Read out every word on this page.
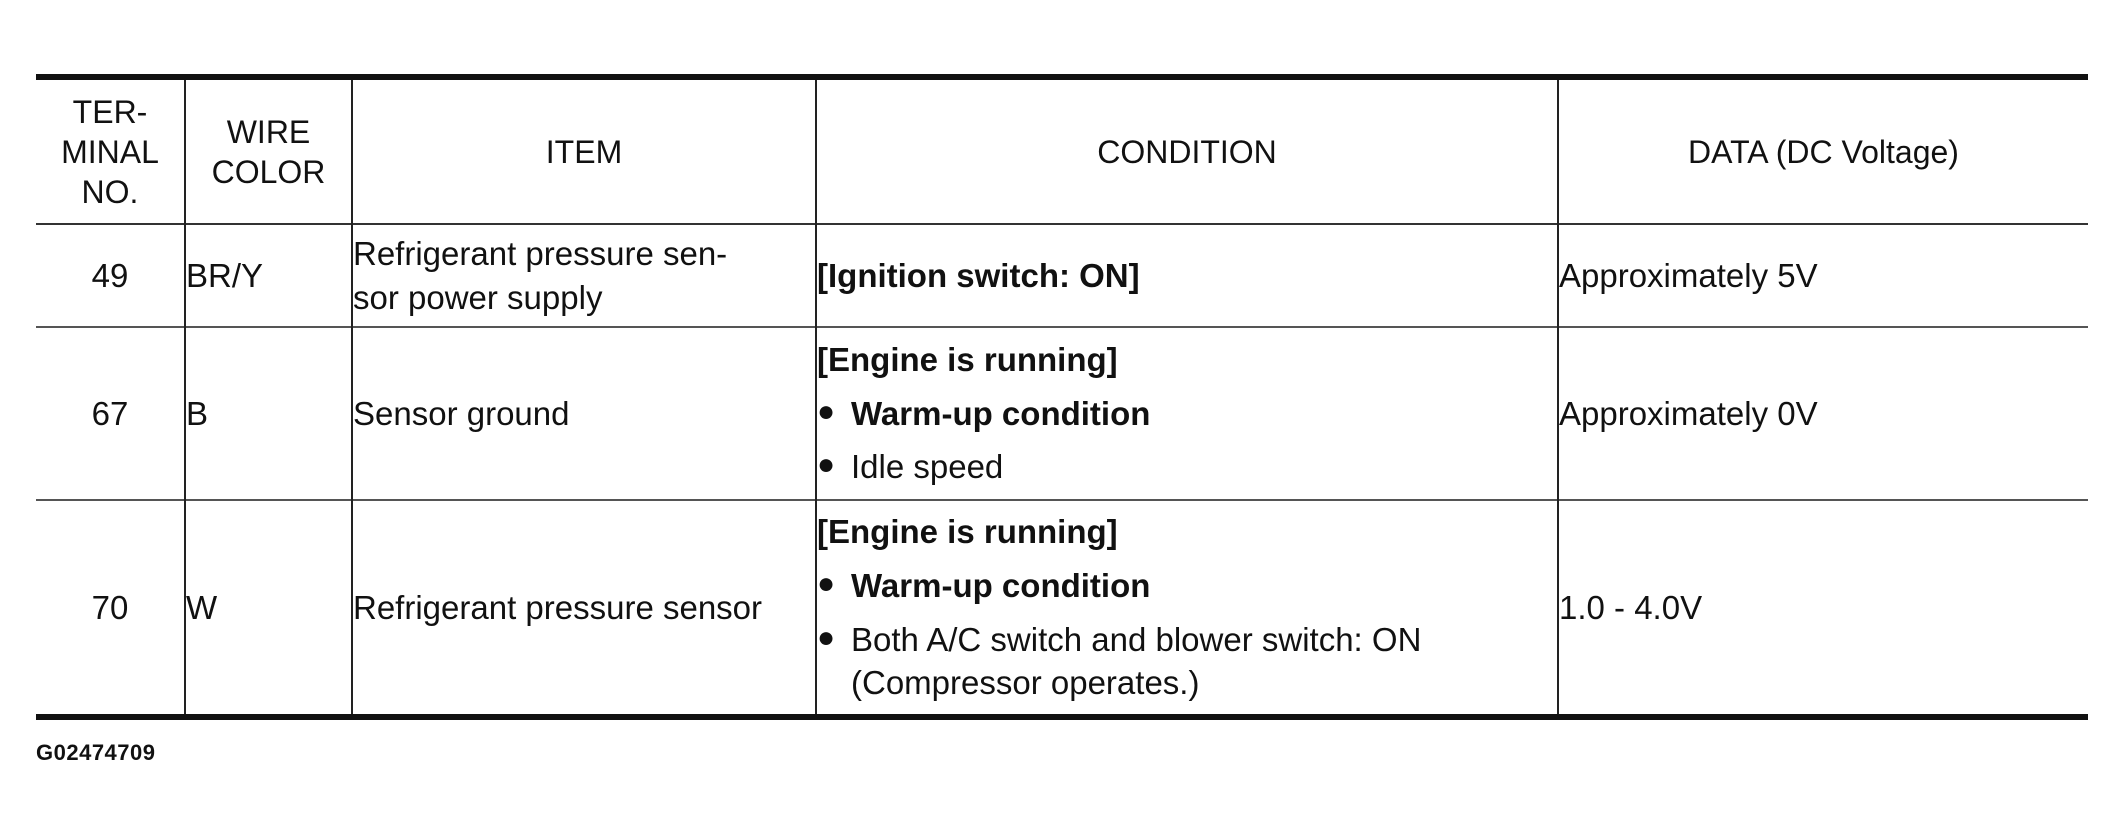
TER-
MINAL
NO.	WIRE
COLOR	ITEM	CONDITION	DATA (DC Voltage)
49	BR/Y	Refrigerant pressure sen-
sor power supply	[Ignition switch: ON]	Approximately 5V
67	B	Sensor ground	[Engine is running]
● Warm-up condition
● Idle speed	Approximately 0V
70	W	Refrigerant pressure sensor	[Engine is running]
● Warm-up condition
● Both A/C switch and blower switch: ON (Compressor operates.)	1.0 - 4.0V
G02474709
